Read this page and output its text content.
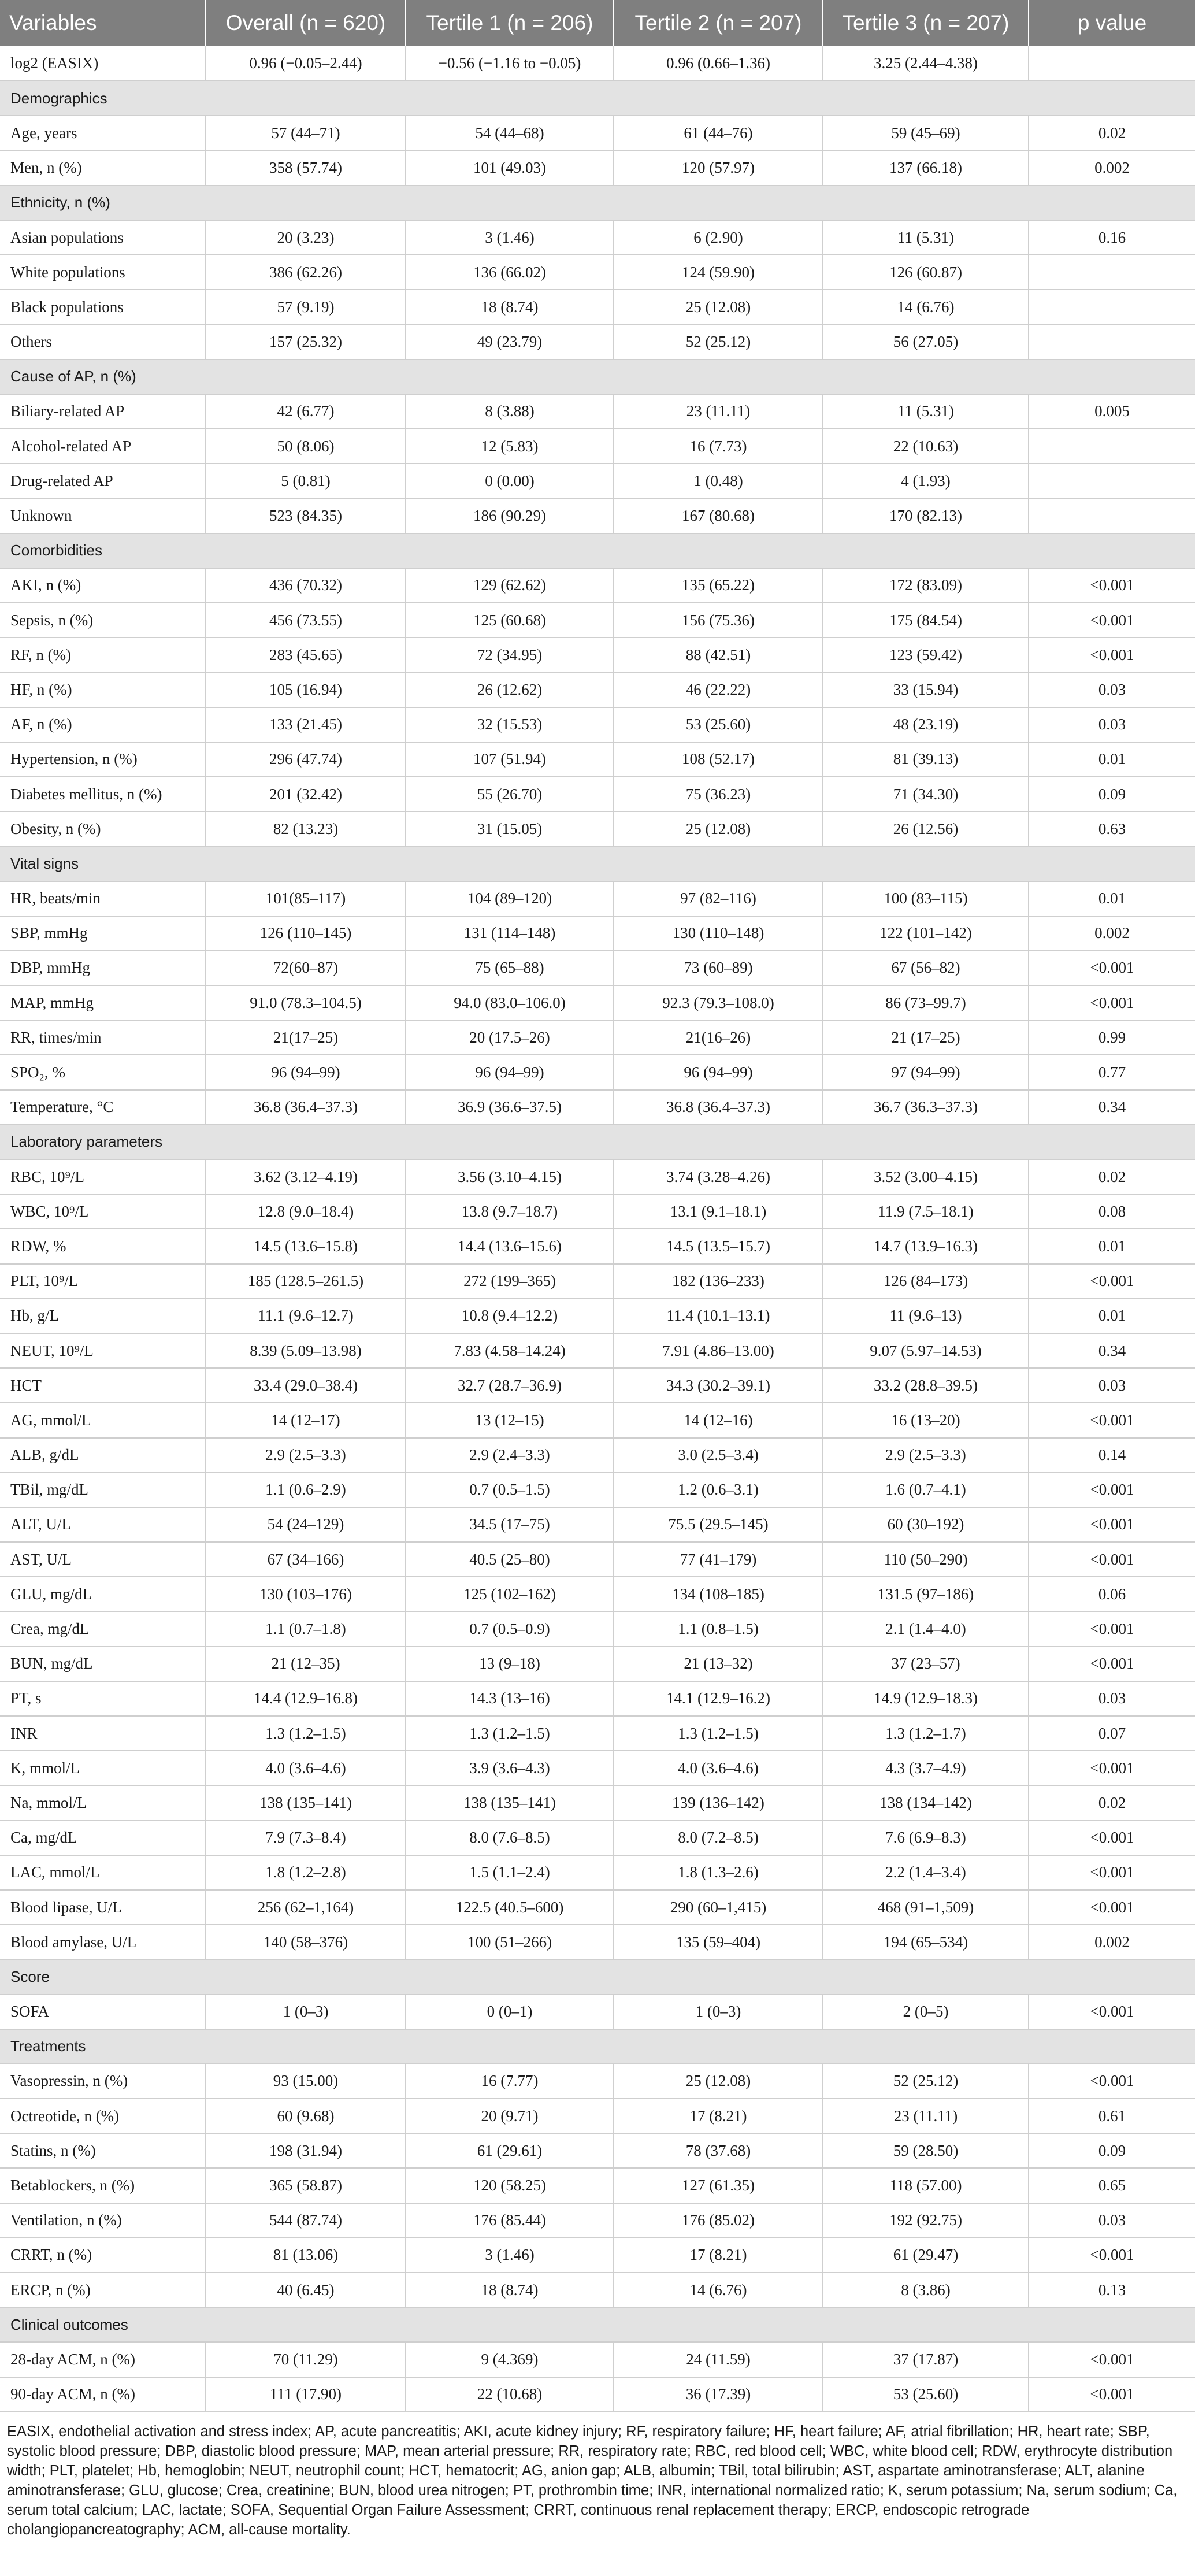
Variables	Overall (n = 620)	Tertile 1 (n = 206)	Tertile 2 (n = 207)	Tertile 3 (n = 207)	p value
log2 (EASIX)	0.96 (−0.05–2.44)	−0.56 (−1.16 to −0.05)	0.96 (0.66–1.36)	3.25 (2.44–4.38)	
Demographics					
Age, years	57 (44–71)	54 (44–68)	61 (44–76)	59 (45–69)	0.02
Men, n (%)	358 (57.74)	101 (49.03)	120 (57.97)	137 (66.18)	0.002
Ethnicity, n (%)					
Asian populations	20 (3.23)	3 (1.46)	6 (2.90)	11 (5.31)	0.16
White populations	386 (62.26)	136 (66.02)	124 (59.90)	126 (60.87)	
Black populations	57 (9.19)	18 (8.74)	25 (12.08)	14 (6.76)	
Others	157 (25.32)	49 (23.79)	52 (25.12)	56 (27.05)	
Cause of AP, n (%)					
Biliary-related AP	42 (6.77)	8 (3.88)	23 (11.11)	11 (5.31)	0.005
Alcohol-related AP	50 (8.06)	12 (5.83)	16 (7.73)	22 (10.63)	
Drug-related AP	5 (0.81)	0 (0.00)	1 (0.48)	4 (1.93)	
Unknown	523 (84.35)	186 (90.29)	167 (80.68)	170 (82.13)	
Comorbidities					
AKI, n (%)	436 (70.32)	129 (62.62)	135 (65.22)	172 (83.09)	<0.001
Sepsis, n (%)	456 (73.55)	125 (60.68)	156 (75.36)	175 (84.54)	<0.001
RF, n (%)	283 (45.65)	72 (34.95)	88 (42.51)	123 (59.42)	<0.001
HF, n (%)	105 (16.94)	26 (12.62)	46 (22.22)	33 (15.94)	0.03
AF, n (%)	133 (21.45)	32 (15.53)	53 (25.60)	48 (23.19)	0.03
Hypertension, n (%)	296 (47.74)	107 (51.94)	108 (52.17)	81 (39.13)	0.01
Diabetes mellitus, n (%)	201 (32.42)	55 (26.70)	75 (36.23)	71 (34.30)	0.09
Obesity, n (%)	82 (13.23)	31 (15.05)	25 (12.08)	26 (12.56)	0.63
Vital signs					
HR, beats/min	101(85–117)	104 (89–120)	97 (82–116)	100 (83–115)	0.01
SBP, mmHg	126 (110–145)	131 (114–148)	130 (110–148)	122 (101–142)	0.002
DBP, mmHg	72(60–87)	75 (65–88)	73 (60–89)	67 (56–82)	<0.001
MAP, mmHg	91.0 (78.3–104.5)	94.0 (83.0–106.0)	92.3 (79.3–108.0)	86 (73–99.7)	<0.001
RR, times/min	21(17–25)	20 (17.5–26)	21(16–26)	21 (17–25)	0.99
SPO₂, %	96 (94–99)	96 (94–99)	96 (94–99)	97 (94–99)	0.77
Temperature, °C	36.8 (36.4–37.3)	36.9 (36.6–37.5)	36.8 (36.4–37.3)	36.7 (36.3–37.3)	0.34
Laboratory parameters					
RBC, 10⁹/L	3.62 (3.12–4.19)	3.56 (3.10–4.15)	3.74 (3.28–4.26)	3.52 (3.00–4.15)	0.02
WBC, 10⁹/L	12.8 (9.0–18.4)	13.8 (9.7–18.7)	13.1 (9.1–18.1)	11.9 (7.5–18.1)	0.08
RDW, %	14.5 (13.6–15.8)	14.4 (13.6–15.6)	14.5 (13.5–15.7)	14.7 (13.9–16.3)	0.01
PLT, 10⁹/L	185 (128.5–261.5)	272 (199–365)	182 (136–233)	126 (84–173)	<0.001
Hb, g/L	11.1 (9.6–12.7)	10.8 (9.4–12.2)	11.4 (10.1–13.1)	11 (9.6–13)	0.01
NEUT, 10⁹/L	8.39 (5.09–13.98)	7.83 (4.58–14.24)	7.91 (4.86–13.00)	9.07 (5.97–14.53)	0.34
HCT	33.4 (29.0–38.4)	32.7 (28.7–36.9)	34.3 (30.2–39.1)	33.2 (28.8–39.5)	0.03
AG, mmol/L	14 (12–17)	13 (12–15)	14 (12–16)	16 (13–20)	<0.001
ALB, g/dL	2.9 (2.5–3.3)	2.9 (2.4–3.3)	3.0 (2.5–3.4)	2.9 (2.5–3.3)	0.14
TBil, mg/dL	1.1 (0.6–2.9)	0.7 (0.5–1.5)	1.2 (0.6–3.1)	1.6 (0.7–4.1)	<0.001
ALT, U/L	54 (24–129)	34.5 (17–75)	75.5 (29.5–145)	60 (30–192)	<0.001
AST, U/L	67 (34–166)	40.5 (25–80)	77 (41–179)	110 (50–290)	<0.001
GLU, mg/dL	130 (103–176)	125 (102–162)	134 (108–185)	131.5 (97–186)	0.06
Crea, mg/dL	1.1 (0.7–1.8)	0.7 (0.5–0.9)	1.1 (0.8–1.5)	2.1 (1.4–4.0)	<0.001
BUN, mg/dL	21 (12–35)	13 (9–18)	21 (13–32)	37 (23–57)	<0.001
PT, s	14.4 (12.9–16.8)	14.3 (13–16)	14.1 (12.9–16.2)	14.9 (12.9–18.3)	0.03
INR	1.3 (1.2–1.5)	1.3 (1.2–1.5)	1.3 (1.2–1.5)	1.3 (1.2–1.7)	0.07
K, mmol/L	4.0 (3.6–4.6)	3.9 (3.6–4.3)	4.0 (3.6–4.6)	4.3 (3.7–4.9)	<0.001
Na, mmol/L	138 (135–141)	138 (135–141)	139 (136–142)	138 (134–142)	0.02
Ca, mg/dL	7.9 (7.3–8.4)	8.0 (7.6–8.5)	8.0 (7.2–8.5)	7.6 (6.9–8.3)	<0.001
LAC, mmol/L	1.8 (1.2–2.8)	1.5 (1.1–2.4)	1.8 (1.3–2.6)	2.2 (1.4–3.4)	<0.001
Blood lipase, U/L	256 (62–1,164)	122.5 (40.5–600)	290 (60–1,415)	468 (91–1,509)	<0.001
Blood amylase, U/L	140 (58–376)	100 (51–266)	135 (59–404)	194 (65–534)	0.002
Score					
SOFA	1 (0–3)	0 (0–1)	1 (0–3)	2 (0–5)	<0.001
Treatments					
Vasopressin, n (%)	93 (15.00)	16 (7.77)	25 (12.08)	52 (25.12)	<0.001
Octreotide, n (%)	60 (9.68)	20 (9.71)	17 (8.21)	23 (11.11)	0.61
Statins, n (%)	198 (31.94)	61 (29.61)	78 (37.68)	59 (28.50)	0.09
Betablockers, n (%)	365 (58.87)	120 (58.25)	127 (61.35)	118 (57.00)	0.65
Ventilation, n (%)	544 (87.74)	176 (85.44)	176 (85.02)	192 (92.75)	0.03
CRRT, n (%)	81 (13.06)	3 (1.46)	17 (8.21)	61 (29.47)	<0.001
ERCP, n (%)	40 (6.45)	18 (8.74)	14 (6.76)	8 (3.86)	0.13
Clinical outcomes					
28-day ACM, n (%)	70 (11.29)	9 (4.369)	24 (11.59)	37 (17.87)	<0.001
90-day ACM, n (%)	111 (17.90)	22 (10.68)	36 (17.39)	53 (25.60)	<0.001
EASIX, endothelial activation and stress index; AP, acute pancreatitis; AKI, acute kidney injury; RF, respiratory failure; HF, heart failure; AF, atrial fibrillation; HR, heart rate; SBP, systolic blood pressure; DBP, diastolic blood pressure; MAP, mean arterial pressure; RR, respiratory rate; RBC, red blood cell; WBC, white blood cell; RDW, erythrocyte distribution width; PLT, platelet; Hb, hemoglobin; NEUT, neutrophil count; HCT, hematocrit; AG, anion gap; ALB, albumin; TBil, total bilirubin; AST, aspartate aminotransferase; ALT, alanine aminotransferase; GLU, glucose; Crea, creatinine; BUN, blood urea nitrogen; PT, prothrombin time; INR, international normalized ratio; K, serum potassium; Na, serum sodium; Ca, serum total calcium; LAC, lactate; SOFA, Sequential Organ Failure Assessment; CRRT, continuous renal replacement therapy; ERCP, endoscopic retrograde cholangiopancreatography; ACM, all-cause mortality.
